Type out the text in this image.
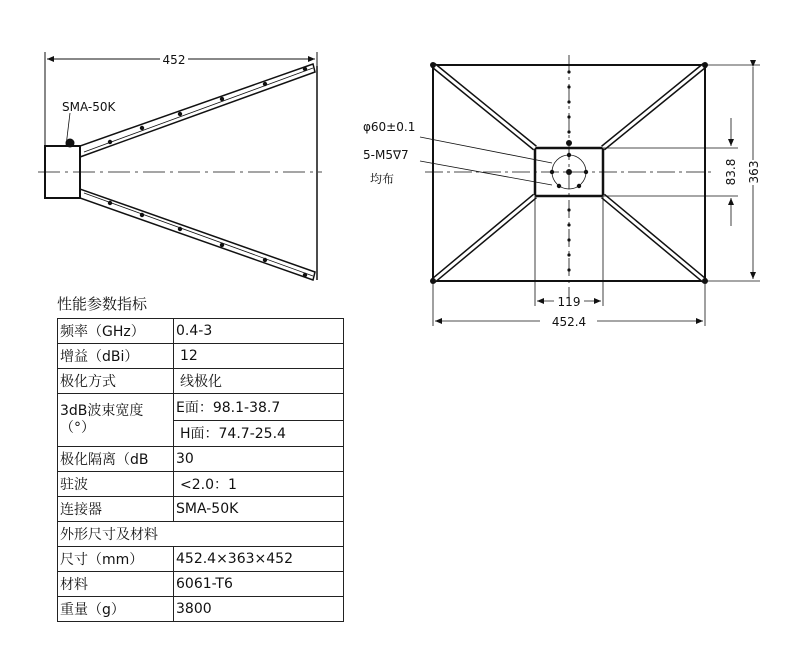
452
SMA-50K
φ60±0.1
5-M5∇7
均布	83.8 363
119
452.4
性能参数指标
频率（GHz）	0.4-3
增益（dBi）	12
极化方式	线极化
3dB波束宽度（°）	E面：98.1-38.7
	H面：74.7-25.4
极化隔离（dB	30
驻波	<2.0：1
连接器	SMA-50K
外形尺寸及材料	
尺寸（mm）	452.4×363×452
材料	6061-T6
重量（g）	3800
